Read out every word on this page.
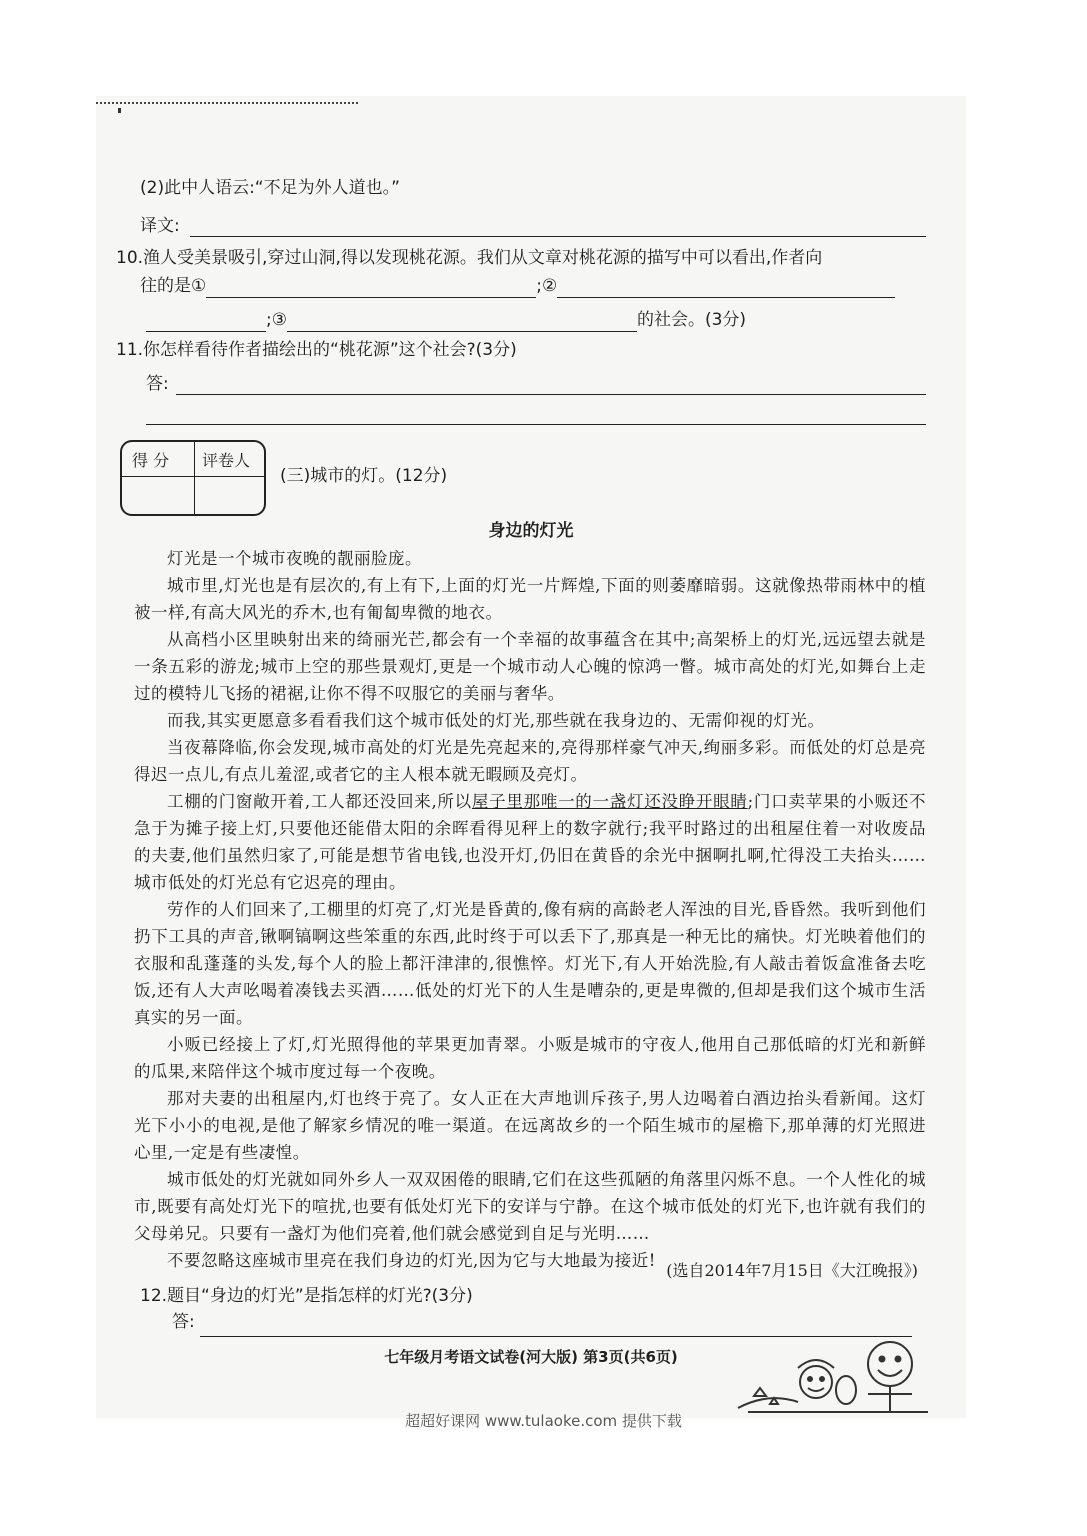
(2)此中人语云:“不足为外人道也。”
译文:
10.渔人受美景吸引,穿过山洞,得以发现桃花源。我们从文章对桃花源的描写中可以看出,作者向
往的是①	;②
;③	的社会。(3分)
11.你怎样看待作者描绘出的“桃花源”这个社会?(3分)
答:
得 分 评卷人
(三)城市的灯。(12分)
身边的灯光

灯光是一个城市夜晚的靓丽脸庞。

城市里,灯光也是有层次的,有上有下,上面的灯光一片辉煌,下面的则萎靡暗弱。这就像热带雨林中的植被一样,有高大风光的乔木,也有匍匐卑微的地衣。

从高档小区里映射出来的绮丽光芒,都会有一个幸福的故事蕴含在其中;高架桥上的灯光,远远望去就是一条五彩的游龙;城市上空的那些景观灯,更是一个城市动人心魄的惊鸿一瞥。城市高处的灯光,如舞台上走过的模特儿飞扬的裙裾,让你不得不叹服它的美丽与奢华。

而我,其实更愿意多看看我们这个城市低处的灯光,那些就在我身边的、无需仰视的灯光。

当夜幕降临,你会发现,城市高处的灯光是先亮起来的,亮得那样豪气冲天,绚丽多彩。而低处的灯总是亮得迟一点儿,有点儿羞涩,或者它的主人根本就无暇顾及亮灯。

工棚的门窗敞开着,工人都还没回来,所以屋子里那唯一的一盏灯还没睁开眼睛;门口卖苹果的小贩还不急于为摊子接上灯,只要他还能借太阳的余晖看得见秤上的数字就行;我平时路过的出租屋住着一对收废品的夫妻,他们虽然归家了,可能是想节省电钱,也没开灯,仍旧在黄昏的余光中捆啊扎啊,忙得没工夫抬头……城市低处的灯光总有它迟亮的理由。

劳作的人们回来了,工棚里的灯亮了,灯光是昏黄的,像有病的高龄老人浑浊的目光,昏昏然。我听到他们扔下工具的声音,锹啊镐啊这些笨重的东西,此时终于可以丢下了,那真是一种无比的痛快。灯光映着他们的衣服和乱蓬蓬的头发,每个人的脸上都汗津津的,很憔悴。灯光下,有人开始洗脸,有人敲击着饭盒准备去吃饭,还有人大声吆喝着凑钱去买酒……低处的灯光下的人生是嘈杂的,更是卑微的,但却是我们这个城市生活真实的另一面。

小贩已经接上了灯,灯光照得他的苹果更加青翠。小贩是城市的守夜人,他用自己那低暗的灯光和新鲜的瓜果,来陪伴这个城市度过每一个夜晚。

那对夫妻的出租屋内,灯也终于亮了。女人正在大声地训斥孩子,男人边喝着白酒边抬头看新闻。这灯光下小小的电视,是他了解家乡情况的唯一渠道。在远离故乡的一个陌生城市的屋檐下,那单薄的灯光照进心里,一定是有些凄惶。

城市低处的灯光就如同外乡人一双双困倦的眼睛,它们在这些孤陋的角落里闪烁不息。一个人性化的城市,既要有高处灯光下的喧扰,也要有低处灯光下的安详与宁静。在这个城市低处的灯光下,也许就有我们的父母弟兄。只要有一盏灯为他们亮着,他们就会感觉到自足与光明……

不要忽略这座城市里亮在我们身边的灯光,因为它与大地最为接近!

(选自2014年7月15日《大江晚报》)
12.题目“身边的灯光”是指怎样的灯光?(3分)
答:
七年级月考语文试卷(河大版) 第3页(共6页)
超超好课网 www.tulaoke.com 提供下载
